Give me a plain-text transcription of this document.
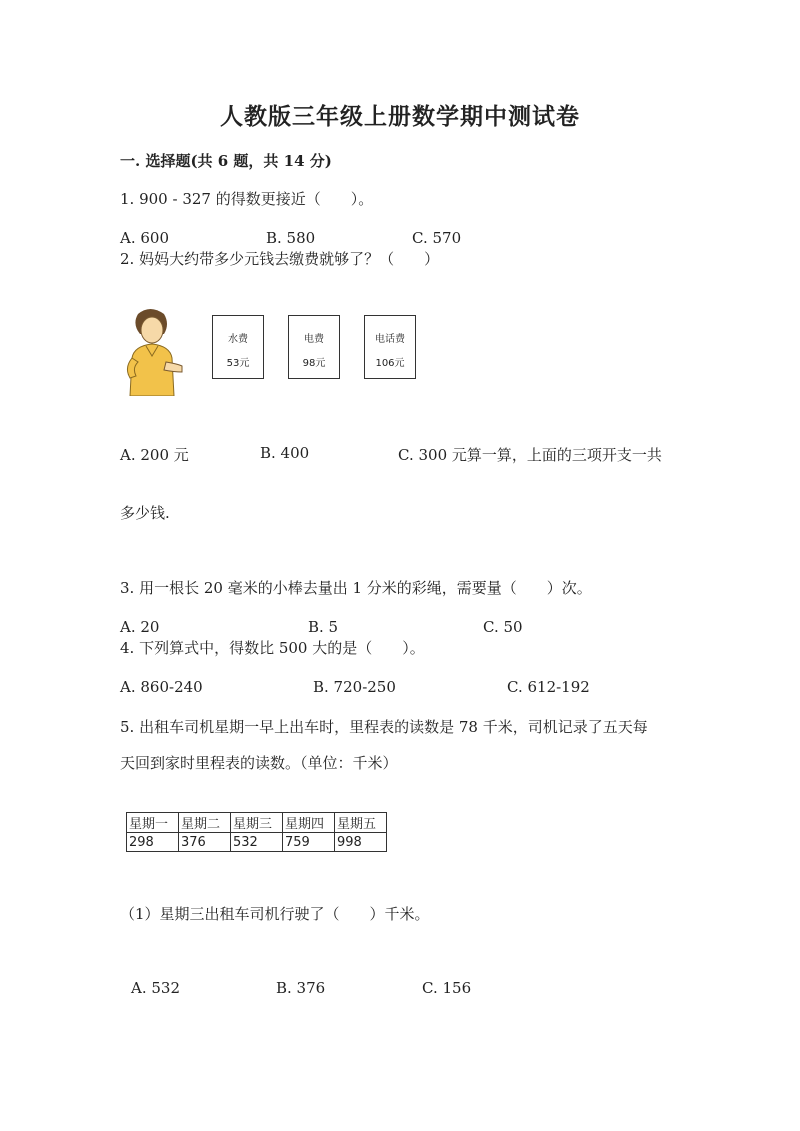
人教版三年级上册数学期中测试卷
一. 选择题(共 6 题，共 14 分)
1. 900 - 327 的得数更接近（　　）。
A. 600	B. 580	C. 570
2. 妈妈大约带多少元钱去缴费就够了？（　　）
水费
53元
电费
98元
电话费
106元
A. 200 元	B. 400	C. 300 元算一算，上面的三项开支一共
多少钱.
3. 用一根长 20 毫米的小棒去量出 1 分米的彩绳，需要量（　　）次。
A. 20	B. 5	C. 50
4. 下列算式中，得数比 500 大的是（　　）。
A. 860-240	B. 720-250	C. 612-192
5. 出租车司机星期一早上出车时，里程表的读数是 78 千米，司机记录了五天每
天回到家时里程表的读数。（单位：千米）
星期一	星期二	星期三	星期四	星期五
298	376	532	759	998
（1）星期三出租车司机行驶了（　　）千米。
A. 532	B. 376	C. 156
